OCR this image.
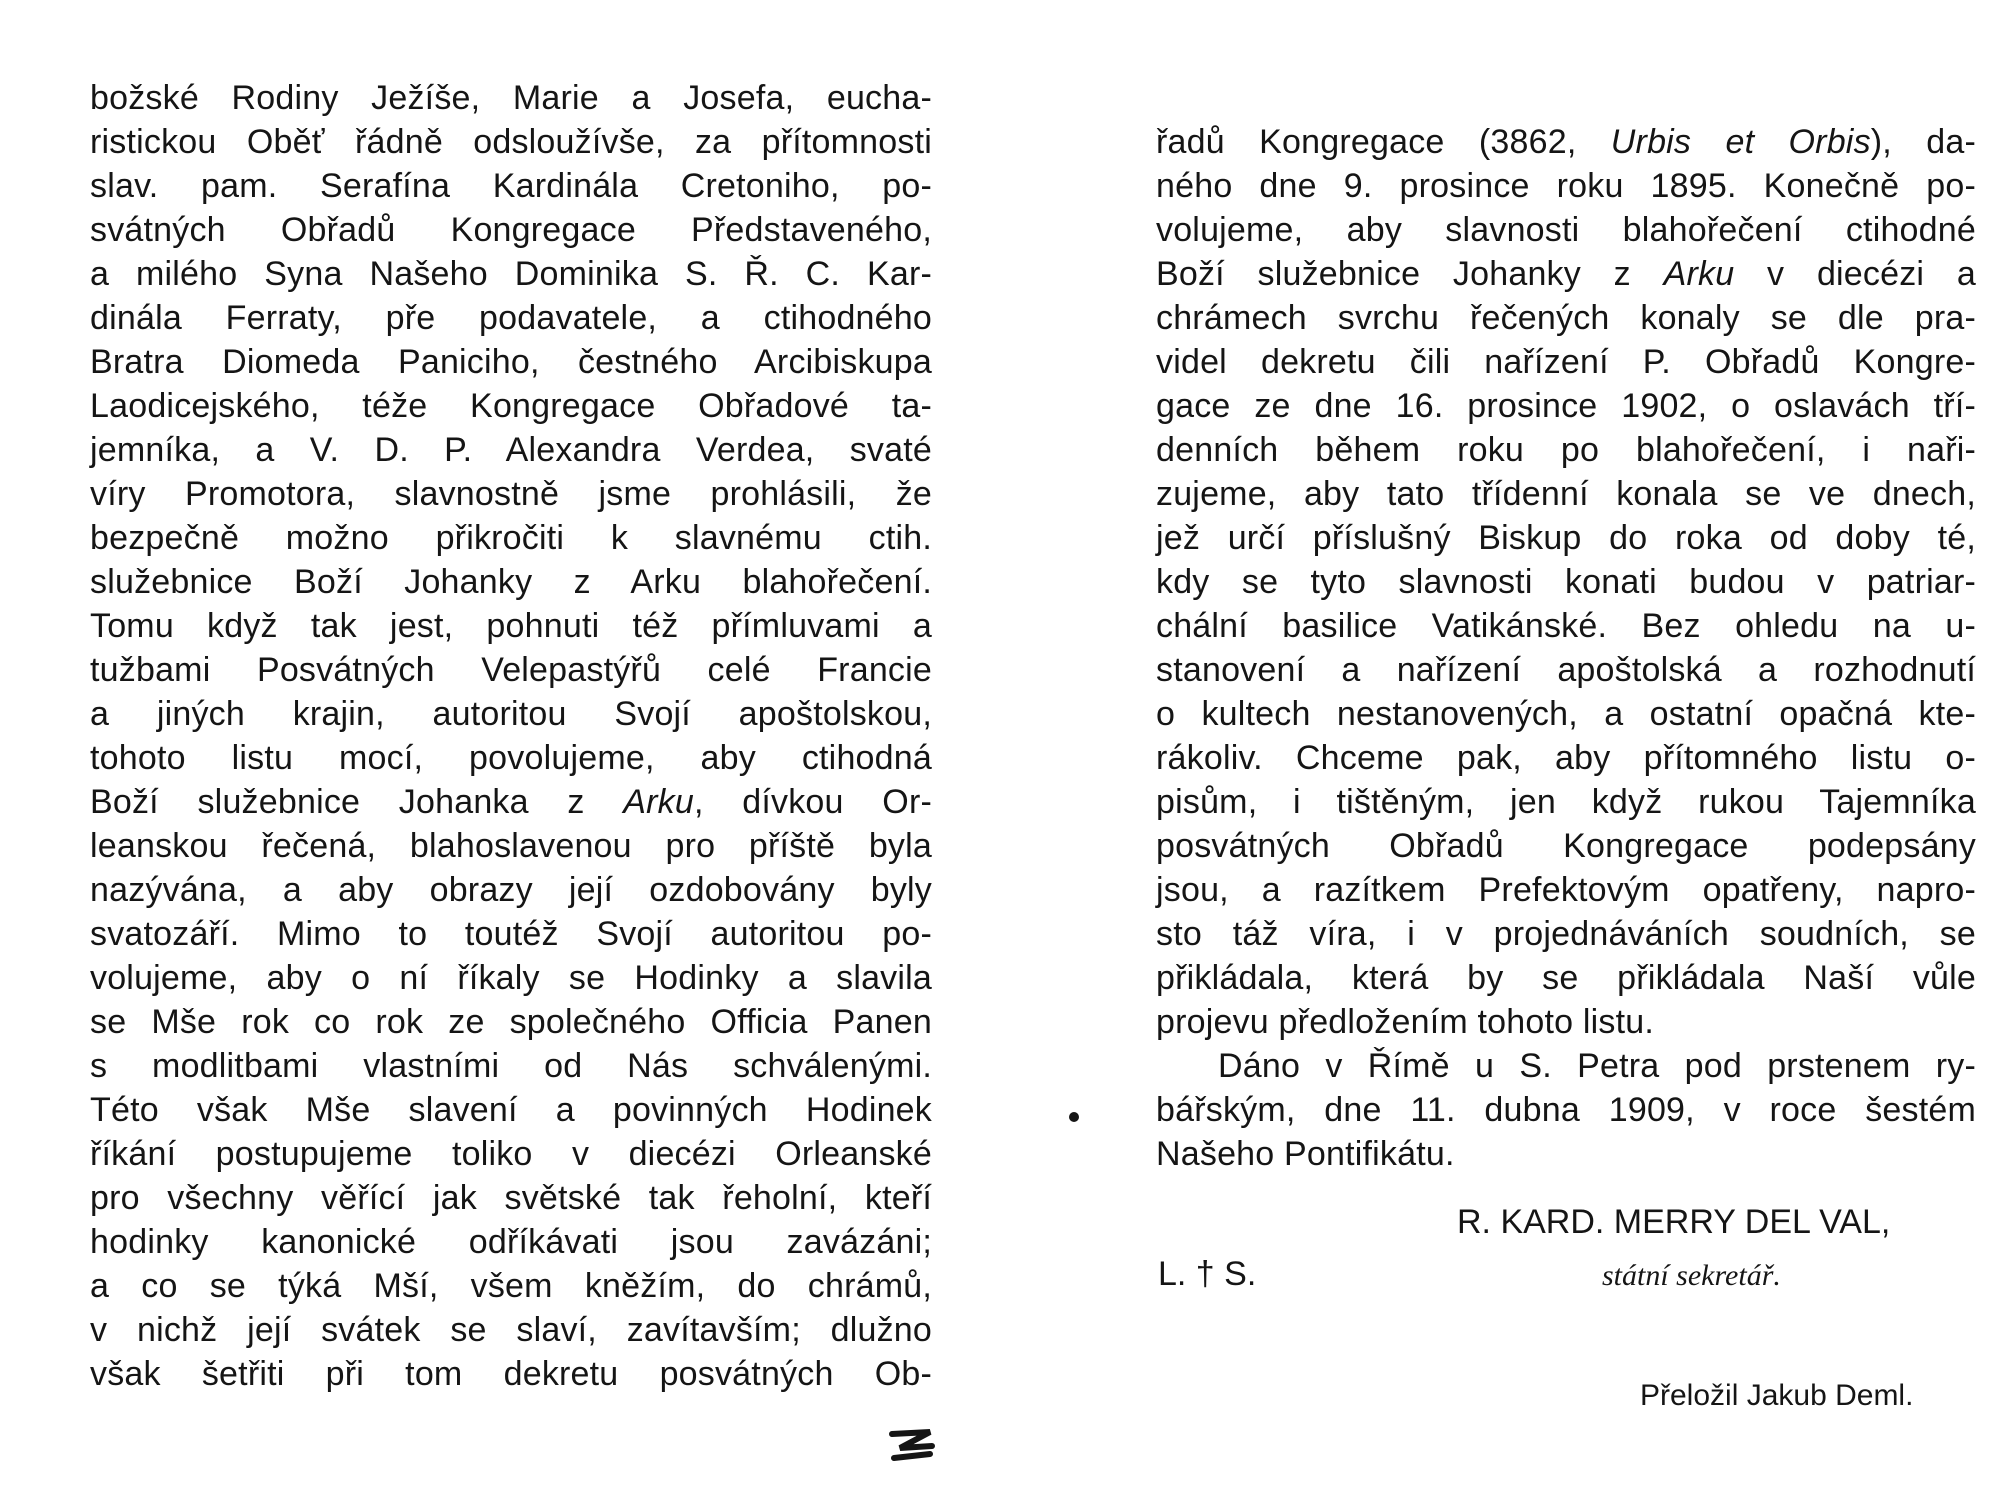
božské Rodiny Ježíše, Marie a Josefa, eucha-
ristickou Oběť řádně odsloužívše, za přítomnosti
slav. pam. Serafína Kardinála Cretoniho, po-
svátných Obřadů Kongregace Představeného,
a milého Syna Našeho Dominika S. Ř. C. Kar-
dinála Ferraty, pře podavatele, a ctihodného
Bratra Diomeda Paniciho, čestného Arcibiskupa
Laodicejského, téže Kongregace Obřadové ta-
jemníka, a V. D. P. Alexandra Verdea, svaté
víry Promotora, slavnostně jsme prohlásili, že
bezpečně možno přikročiti k slavnému ctih.
služebnice Boží Johanky z Arku blahořečení.
Tomu když tak jest, pohnuti též přímluvami a
tužbami Posvátných Velepastýřů celé Francie
a jiných krajin, autoritou Svojí apoštolskou,
tohoto listu mocí, povolujeme, aby ctihodná
Boží služebnice Johanka z Arku, dívkou Or-
leanskou řečená, blahoslavenou pro příště byla
nazývána, a aby obrazy její ozdobovány byly
svatozáří. Mimo to toutéž Svojí autoritou po-
volujeme, aby o ní říkaly se Hodinky a slavila
se Mše rok co rok ze společného Officia Panen
s modlitbami vlastními od Nás schválenými.
Této však Mše slavení a povinných Hodinek
říkání postupujeme toliko v diecézi Orleanské
pro všechny věřící jak světské tak řeholní, kteří
hodinky kanonické odříkávati jsou zavázáni;
a co se týká Mší, všem kněžím, do chrámů,
v nichž její svátek se slaví, zavítavším; dlužno
však šetřiti při tom dekretu posvátných Ob-
řadů Kongregace (3862, Urbis et Orbis), da-
ného dne 9. prosince roku 1895. Konečně po-
volujeme, aby slavnosti blahořečení ctihodné
Boží služebnice Johanky z Arku v diecézi a
chrámech svrchu řečených konaly se dle pra-
videl dekretu čili nařízení P. Obřadů Kongre-
gace ze dne 16. prosince 1902, o oslavách tří-
denních během roku po blahořečení, i naři-
zujeme, aby tato třídenní konala se ve dnech,
jež určí příslušný Biskup do roka od doby té,
kdy se tyto slavnosti konati budou v patriar-
chální basilice Vatikánské. Bez ohledu na u-
stanovení a nařízení apoštolská a rozhodnutí
o kultech nestanovených, a ostatní opačná kte-
rákoliv. Chceme pak, aby přítomného listu o-
pisům, i tištěným, jen když rukou Tajemníka
posvátných Obřadů Kongregace podepsány
jsou, a razítkem Prefektovým opatřeny, napro-
sto táž víra, i v projednáváních soudních, se
přikládala, která by se přikládala Naší vůle
projevu předložením tohoto listu.
Dáno v Římě u S. Petra pod prstenem ry-
bářským, dne 11. dubna 1909, v roce šestém
Našeho Pontifikátu.
R. KARD. MERRY DEL VAL,
L. † S.	státní sekretář.
Přeložil Jakub Deml.
